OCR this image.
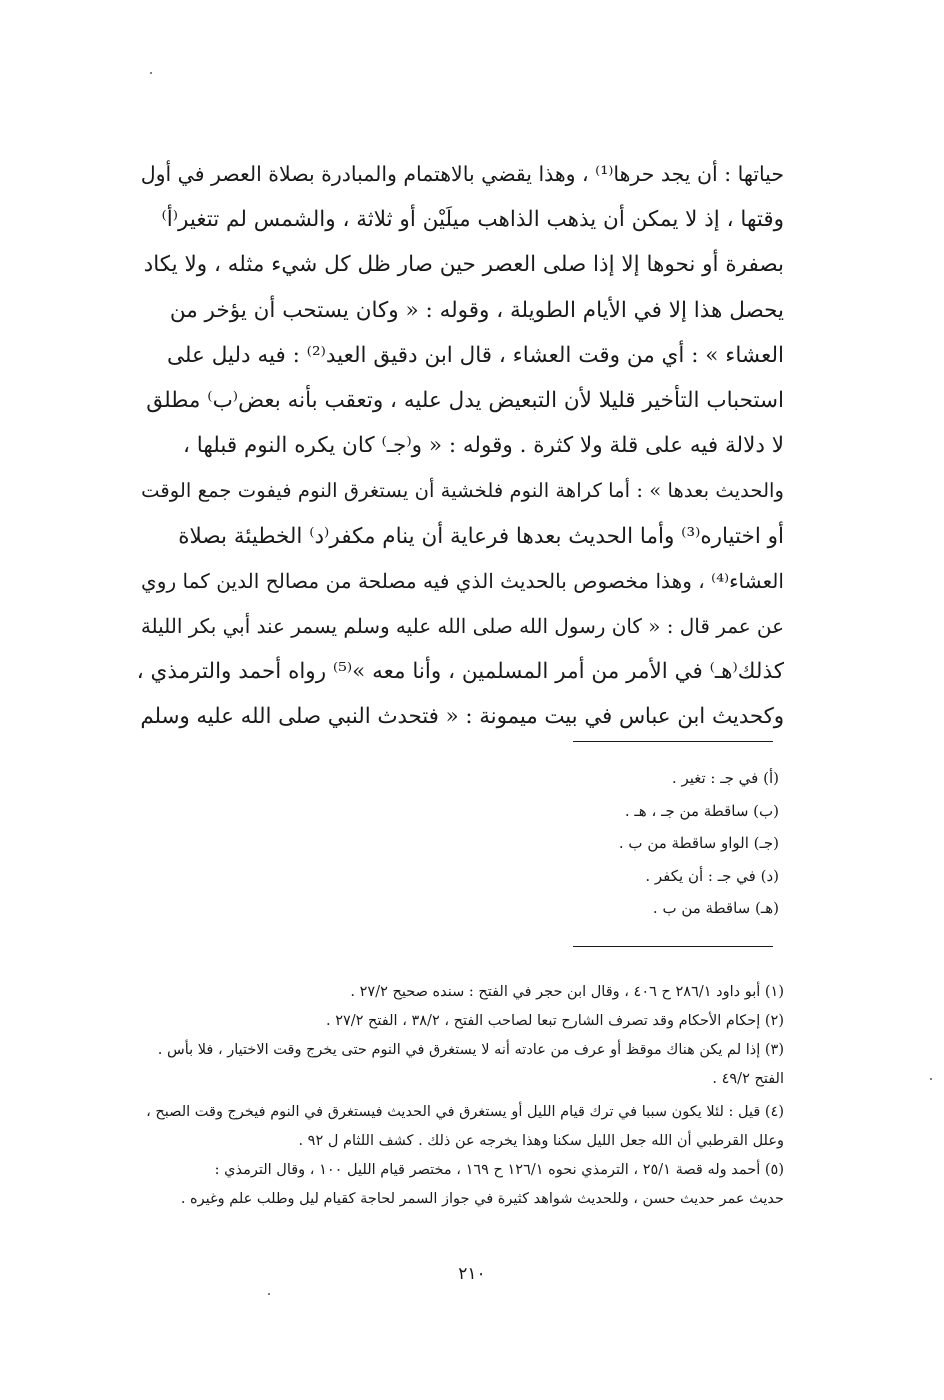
حياتها : أن يجد حرها⁽¹⁾ ، وهذا يقضي بالاهتمام والمبادرة بصلاة العصر في أول
وقتها ، إذ لا يمكن أن يذهب الذاهب ميلَيْن أو ثلاثة ، والشمس لم تتغير⁽أ⁾
بصفرة أو نحوها إلا إذا صلى العصر حين صار ظل كل شيء مثله ، ولا يكاد
يحصل هذا إلا في الأيام الطويلة ، وقوله : « وكان يستحب أن يؤخر من
العشاء » : أي من وقت العشاء ، قال ابن دقيق العيد⁽²⁾ : فيه دليل على
استحباب التأخير قليلا لأن التبعيض يدل عليه ، وتعقب بأنه بعض⁽ب⁾ مطلق
لا دلالة فيه على قلة ولا كثرة . وقوله : « و⁽جـ⁾ كان يكره النوم قبلها ،
والحديث بعدها » : أما كراهة النوم فلخشية أن يستغرق النوم فيفوت جمع الوقت
أو اختياره⁽³⁾ وأما الحديث بعدها فرعاية أن ينام مكفر⁽د⁾ الخطيئة بصلاة
العشاء⁽⁴⁾ ، وهذا مخصوص بالحديث الذي فيه مصلحة من مصالح الدين كما روي
عن عمر قال : « كان رسول الله صلى الله عليه وسلم يسمر عند أبي بكر الليلة
كذلك⁽هـ⁾ في الأمر من أمر المسلمين ، وأنا معه »⁽⁵⁾ رواه أحمد والترمذي ،
وكحديث ابن عباس في بيت ميمونة : « فتحدث النبي صلى الله عليه وسلم
(أ) في جـ : تغير .
(ب) ساقطة من جـ ، هـ .
(جـ) الواو ساقطة من ب .
(د) في جـ : أن يكفر .
(هـ) ساقطة من ب .
(١) أبو داود ٢٨٦/١ ح ٤٠٦ ، وقال ابن حجر في الفتح : سنده صحيح ٢٧/٢ .
(٢) إحكام الأحكام وقد تصرف الشارح تبعا لصاحب الفتح ، ٣٨/٢ ، الفتح ٢٧/٢ .
(٣) إذا لم يكن هناك موقظ أو عرف من عادته أنه لا يستغرق في النوم حتى يخرج وقت الاختيار ، فلا بأس .
الفتح ٤٩/٢ .
(٤) قيل : لئلا يكون سببا في ترك قيام الليل أو يستغرق في الحديث فيستغرق في النوم فيخرج وقت الصبح ،
وعلل القرطبي أن الله جعل الليل سكنا وهذا يخرجه عن ذلك . كشف اللثام ل ٩٢ .
(٥) أحمد وله قصة ٢٥/١ ، الترمذي نحوه ١٢٦/١ ح ١٦٩ ، مختصر قيام الليل ١٠٠ ، وقال الترمذي :
حديث عمر حديث حسن ، وللحديث شواهد كثيرة في جواز السمر لحاجة كقيام ليل وطلب علم وغيره .
٢١٠
